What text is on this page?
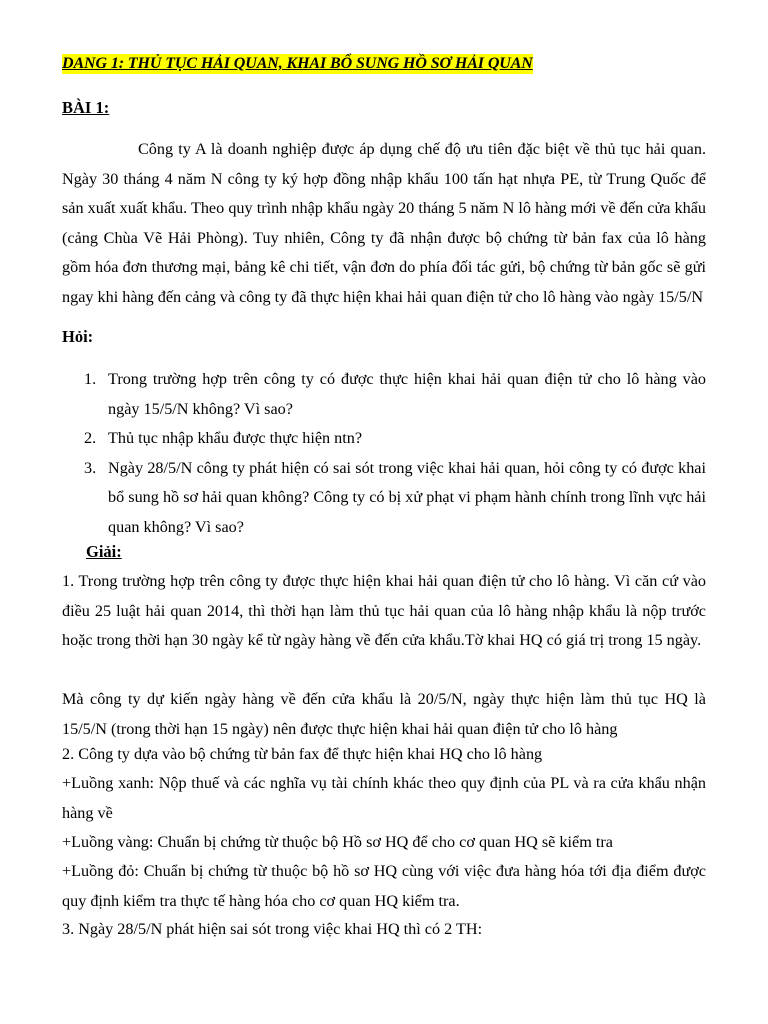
DANG 1: THỦ TỤC HẢI QUAN, KHAI BỔ SUNG HỒ SƠ HẢI QUAN
BÀI 1:

Công ty A là doanh nghiệp được áp dụng chế độ ưu tiên đặc biệt về thủ tục hải quan. Ngày 30 tháng 4 năm N công ty ký hợp đồng nhập khẩu 100 tấn hạt nhựa PE, từ Trung Quốc để sản xuất xuất khẩu. Theo quy trình nhập khẩu ngày 20 tháng 5 năm N lô hàng mới về đến cửa khẩu (cảng Chùa Vẽ Hải Phòng). Tuy nhiên, Công ty đã nhận được bộ chứng từ bản fax của lô hàng gồm hóa đơn thương mại, bảng kê chi tiết, vận đơn do phía đối tác gửi, bộ chứng từ bản gốc sẽ gửi ngay khi hàng đến cảng và công ty đã thực hiện khai hải quan điện tử cho lô hàng vào ngày 15/5/N

Hỏi:
1. Trong trường hợp trên công ty có được thực hiện khai hải quan điện tử cho lô hàng vào ngày 15/5/N không? Vì sao?
2. Thủ tục nhập khẩu được thực hiện ntn?
3. Ngày 28/5/N công ty phát hiện có sai sót trong việc khai hải quan, hỏi công ty có được khai bổ sung hồ sơ hải quan không? Công ty có bị xử phạt vi phạm hành chính trong lĩnh vực hải quan không? Vì sao?
Giải:

1. Trong trường hợp trên công ty được thực hiện khai hải quan điện tử cho lô hàng. Vì căn cứ vào điều 25 luật hải quan 2014, thì thời hạn làm thủ tục hải quan của lô hàng nhập khẩu là nộp trước hoặc trong thời hạn 30 ngày kể từ ngày hàng về đến cửa khẩu.Tờ khai HQ có giá trị trong 15 ngày.

Mà công ty dự kiến ngày hàng về đến cửa khẩu là 20/5/N, ngày thực hiện làm thủ tục HQ là 15/5/N (trong thời hạn 15 ngày) nên được thực hiện khai hải quan điện tử cho lô hàng

2. Công ty dựa vào bộ chứng từ bản fax để thực hiện khai HQ cho lô hàng

+Luồng xanh: Nộp thuế và các nghĩa vụ tài chính khác theo quy định của PL và ra cửa khẩu nhận hàng về

+Luồng vàng: Chuẩn bị chứng từ thuộc bộ Hồ sơ HQ để cho cơ quan HQ sẽ kiểm tra

+Luồng đỏ: Chuẩn bị chứng từ thuộc bộ hồ sơ HQ cùng với việc đưa hàng hóa tới địa điểm được quy định kiểm tra thực tế hàng hóa cho cơ quan HQ kiểm tra.

3. Ngày 28/5/N phát hiện sai sót trong việc khai HQ thì có 2 TH:
